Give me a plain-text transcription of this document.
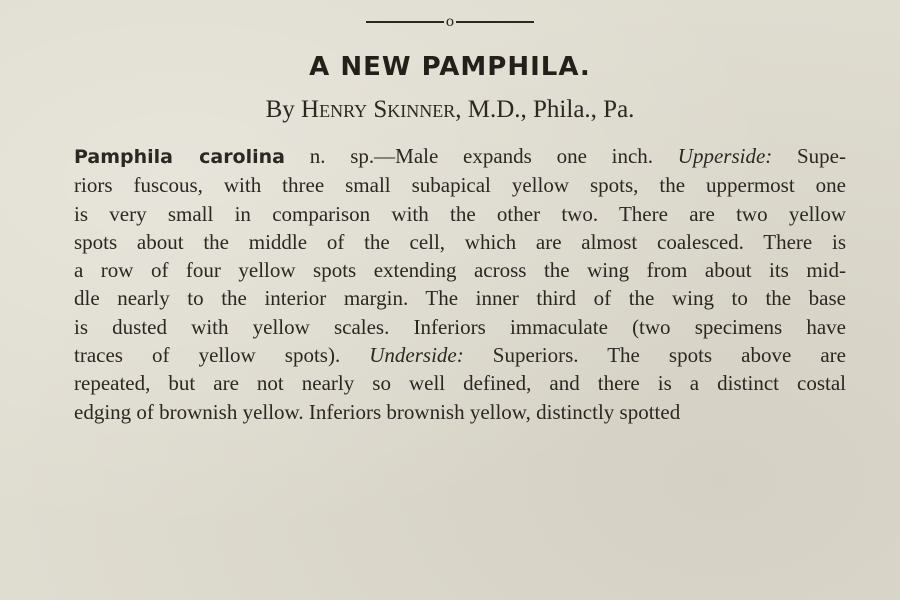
o
A NEW PAMPHILA.
By Henry Skinner, M.D., Phila., Pa.
Pamphila carolina n. sp.—Male expands one inch. Upperside: Supe-
riors fuscous, with three small subapical yellow spots, the uppermost one
is very small in comparison with the other two. There are two yellow
spots about the middle of the cell, which are almost coalesced. There is
a row of four yellow spots extending across the wing from about its mid-
dle nearly to the interior margin. The inner third of the wing to the base
is dusted with yellow scales. Inferiors immaculate (two specimens have
traces of yellow spots). Underside: Superiors. The spots above are
repeated, but are not nearly so well defined, and there is a distinct costal
edging of brownish yellow. Inferiors brownish yellow, distinctly spotted
